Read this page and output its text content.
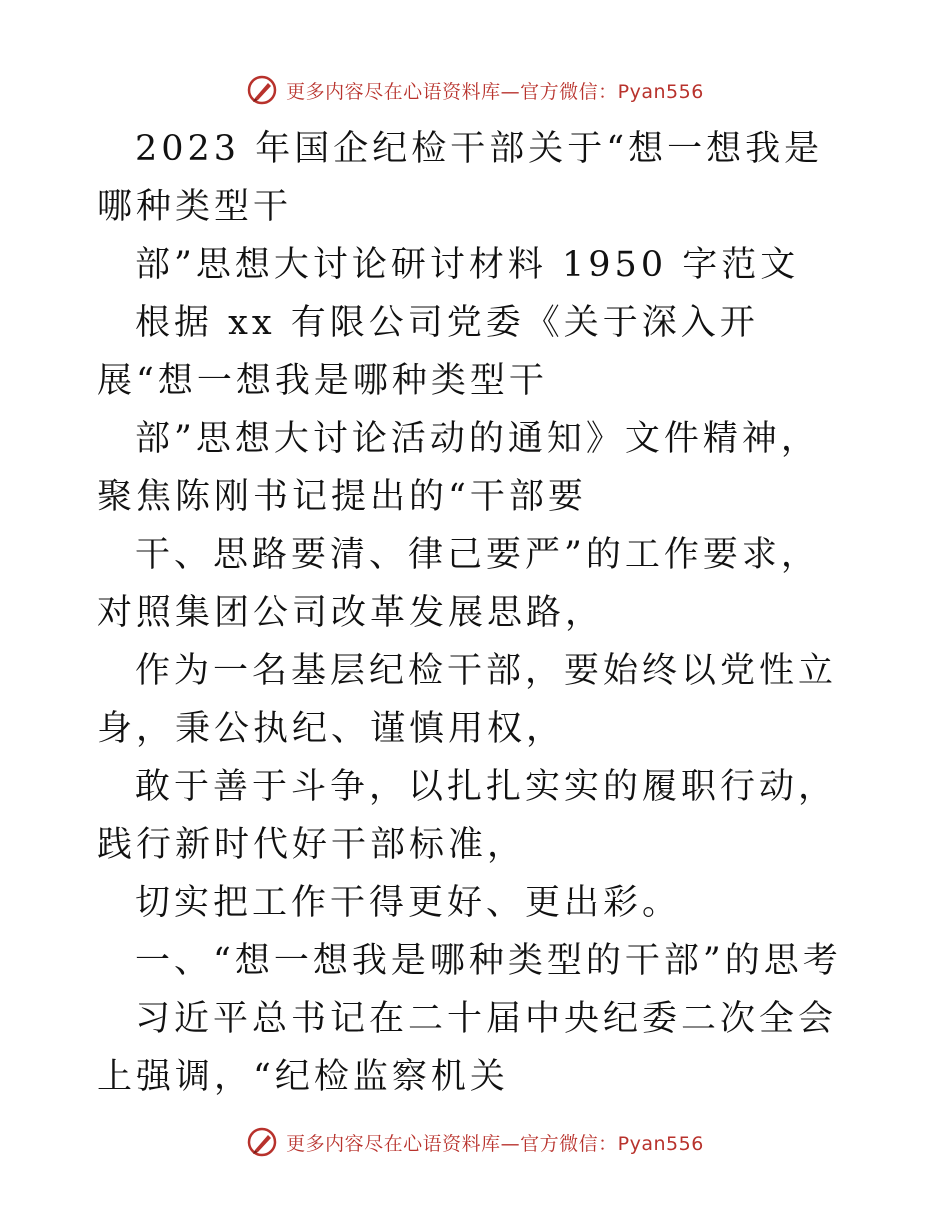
更多内容尽在心语资料库—官方微信：Pyan556

2023 年国企纪检干部关于“想一想我是哪种类型干

部”思想大讨论研讨材料 1950 字范文

根据 xx 有限公司党委《关于深入开展“想一想我是哪种类型干

部”思想大讨论活动的通知》文件精神，聚焦陈刚书记提出的“干部要

干、思路要清、律己要严”的工作要求，对照集团公司改革发展思路，

作为一名基层纪检干部，要始终以党性立身，秉公执纪、谨慎用权，

敢于善于斗争，以扎扎实实的履职行动，践行新时代好干部标准，

切实把工作干得更好、更出彩。

一、“想一想我是哪种类型的干部”的思考

习近平总书记在二十届中央纪委二次全会上强调，“纪检监察机关

更多内容尽在心语资料库—官方微信：Pyan556
